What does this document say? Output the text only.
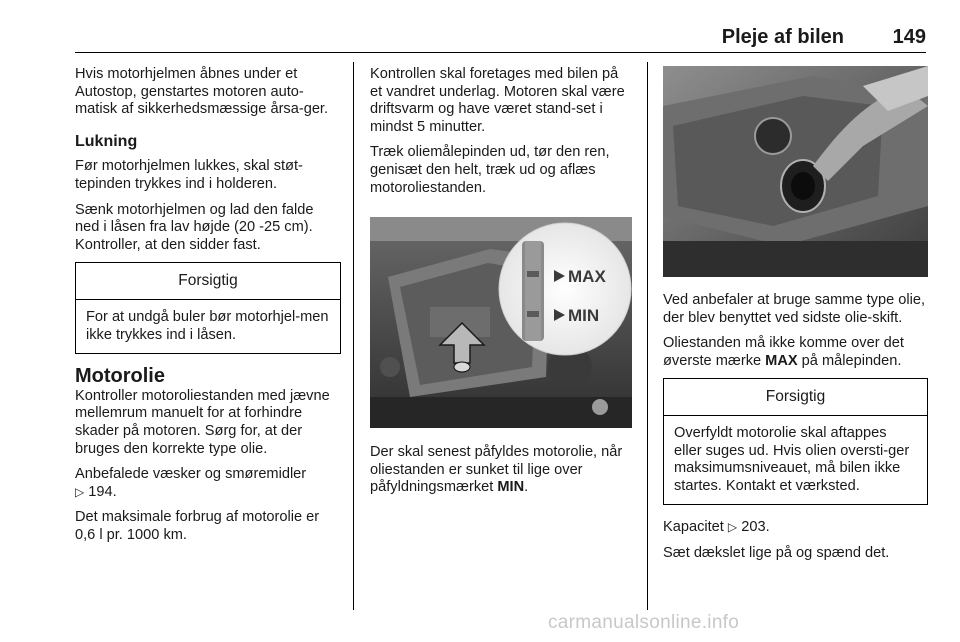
Pleje af bilen 149

Hvis motorhjelmen åbnes under et Autostop, genstartes motoren auto-matisk af sikkerhedsmæssige årsa-ger.

Lukning

Før motorhjelmen lukkes, skal støt-tepinden trykkes ind i holderen.

Sænk motorhjelmen og lad den falde ned i låsen fra lav højde (20 -25 cm). Kontroller, at den sidder fast.

Forsigtig
For at undgå buler bør motorhjel-men ikke trykkes ind i låsen.
Motorolie

Kontroller motoroliestanden med jævne mellemrum manuelt for at forhindre skader på motoren. Sørg for, at der bruges den korrekte type olie.

Anbefalede væsker og smøremidler
▷ 194.

Det maksimale forbrug af motorolie er 0,6 l pr. 1000 km.

Kontrollen skal foretages med bilen på et vandret underlag. Motoren skal være driftsvarm og have været stand-set i mindst 5 minutter.

Træk oliemålepinden ud, tør den ren, genisæt den helt, træk ud og aflæs motoroliestanden.

MAX
MIN

Der skal senest påfyldes motorolie, når oliestanden er sunket til lige over påfyldningsmærket MIN.

Ved anbefaler at bruge samme type olie, der blev benyttet ved sidste olie-skift.

Oliestanden må ikke komme over det øverste mærke MAX på målepinden.

Forsigtig
Overfyldt motorolie skal aftappes eller suges ud. Hvis olien oversti-ger maksimumsniveauet, må bilen ikke startes. Kontakt et værksted.

Kapacitet ▷ 203.

Sæt dækslet lige på og spænd det.

carmanualsonline.info
